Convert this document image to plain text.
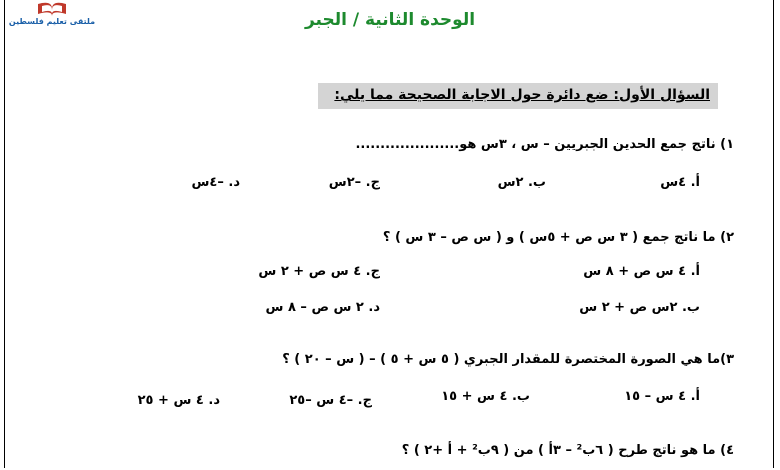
ملتقى تعليم فلسطين	الوحدة الثانية / الجبر
السؤال الأول: ضع دائرة حول الاجابة الصحيحة مما يلي:
١) ناتج جمع الحدين الجبريين – س ، ٣س هو.....................
أ. ٤س
ب. ٢س
ج. –٢س
د. –٤س
٢) ما ناتج جمع ( ٣ س ص + ٥س ) و ( س ص – ٣ س ) ؟
أ. ٤ س ص + ٨ س
ج. ٤ س ص + ٢ س
ب. ٢س ص + ٢ س
د. ٢ س ص – ٨ س
٣)ما هي الصورة المختصرة للمقدار الجبري ( ٥ س + ٥ ) – ( س – ٢٠ ) ؟
أ. ٤ س – ١٥
ب. ٤ س + ١٥
ج. –٤ س –٢٥
د. ٤ س + ٢٥
٤) ما هو ناتج طرح ( ٦ب² – ٣أ ) من ( ٩ب² + أ +٢ ) ؟
